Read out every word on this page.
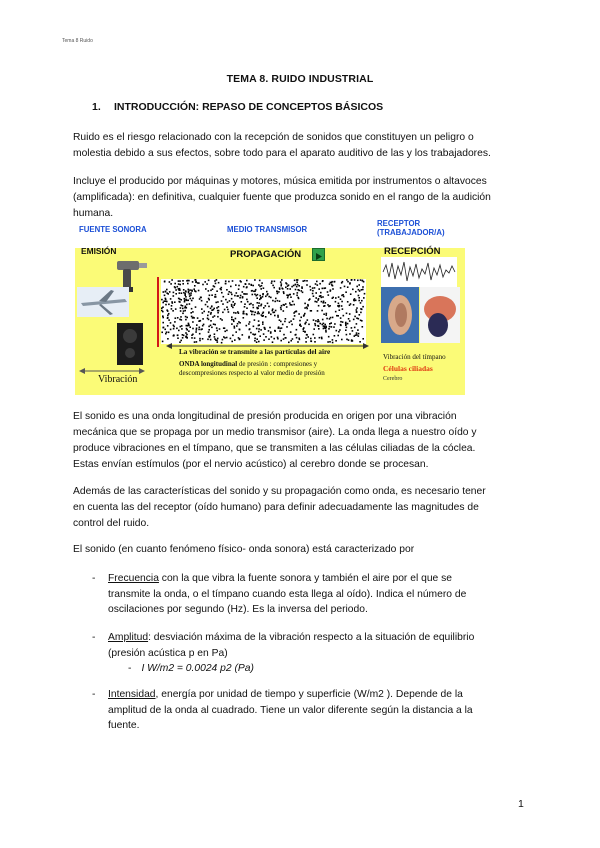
Tema 8 Ruido
TEMA 8. RUIDO INDUSTRIAL
1. INTRODUCCIÓN: REPASO DE CONCEPTOS BÁSICOS
Ruido es el riesgo relacionado con la recepción de sonidos que constituyen un peligro o
molestia debido a sus efectos, sobre todo para el aparato auditivo de las y los trabajadores.
Incluye el producido por máquinas y motores, música emitida por instrumentos o altavoces
(amplificada): en definitiva, cualquier fuente que produzca sonido en el rango de la audición
humana.
FUENTE SONORA	MEDIO TRANSMISOR
RECEPTOR
(TRABAJADOR/A)
EMISIÓN	PROPAGACIÓN	RECEPCIÓN
Vibración
La vibración se transmite a las partículas del aire
ONDA longitudinal de presión : compresiones y
descompresiones respecto al valor medio de presión
Vibración del tímpano
Células ciliadas
Cerebro
El sonido es una onda longitudinal de presión producida en origen por una vibración
mecánica que se propaga por un medio transmisor (aire). La onda llega a nuestro oído y
produce vibraciones en el tímpano, que se transmiten a las células ciliadas de la cóclea.
Estas envían estímulos (por el nervio acústico) al cerebro donde se procesan.
Además de las características del sonido y su propagación como onda, es necesario tener
en cuenta las del receptor (oído humano) para definir adecuadamente las magnitudes de
control del ruido.
El sonido (en cuanto fenómeno físico- onda sonora) está caracterizado por
- Frecuencia con la que vibra la fuente sonora y también el aire por el que se
transmite la onda, o el tímpano cuando esta llega al oído). Indica el número de
oscilaciones por segundo (Hz). Es la inversa del periodo.
- Amplitud: desviación máxima de la vibración respecto a la situación de equilibrio
(presión acústica p en Pa)
- I W/m2 = 0.0024 p2 (Pa)
- Intensidad, energía por unidad de tiempo y superficie (W/m2 ). Depende de la
amplitud de la onda al cuadrado. Tiene un valor diferente según la distancia a la
fuente.
1
